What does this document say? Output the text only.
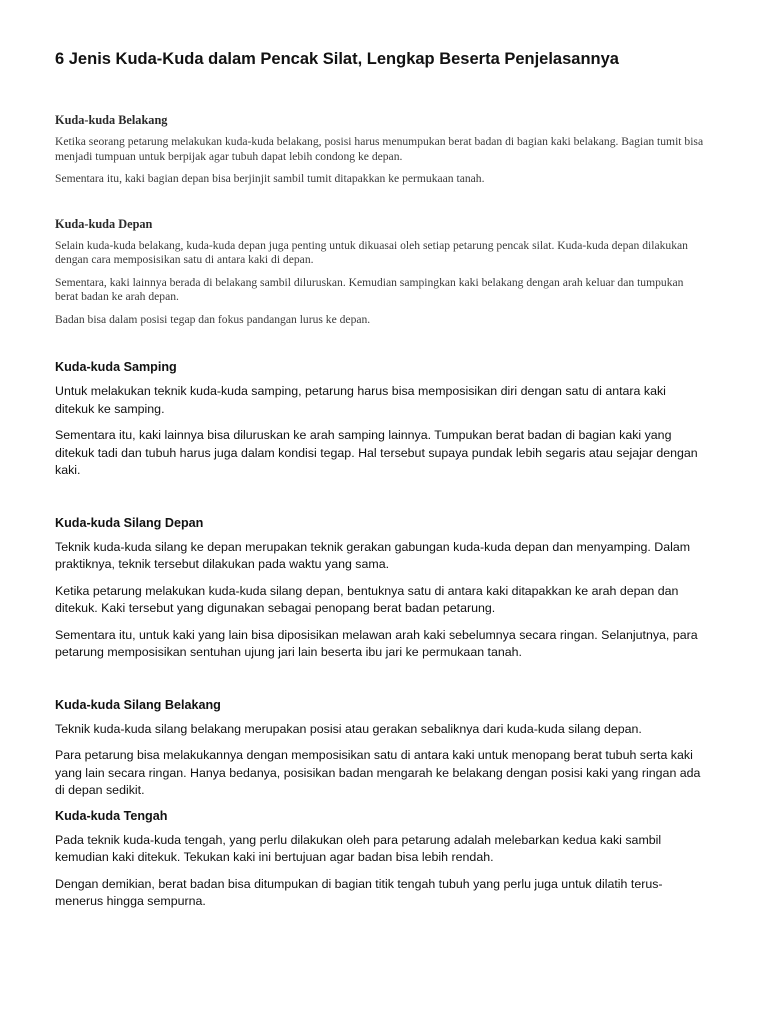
6 Jenis Kuda-Kuda dalam Pencak Silat, Lengkap Beserta Penjelasannya
Kuda-kuda Belakang

Ketika seorang petarung melakukan kuda-kuda belakang, posisi harus menumpukan berat badan di bagian kaki belakang. Bagian tumit bisa menjadi tumpuan untuk berpijak agar tubuh dapat lebih condong ke depan.

Sementara itu, kaki bagian depan bisa berjinjit sambil tumit ditapakkan ke permukaan tanah.

Kuda-kuda Depan

Selain kuda-kuda belakang, kuda-kuda depan juga penting untuk dikuasai oleh setiap petarung pencak silat. Kuda-kuda depan dilakukan dengan cara memposisikan satu di antara kaki di depan.

Sementara, kaki lainnya berada di belakang sambil diluruskan. Kemudian sampingkan kaki belakang dengan arah keluar dan tumpukan berat badan ke arah depan.

Badan bisa dalam posisi tegap dan fokus pandangan lurus ke depan.

Kuda-kuda Samping

Untuk melakukan teknik kuda-kuda samping, petarung harus bisa memposisikan diri dengan satu di antara kaki ditekuk ke samping.

Sementara itu, kaki lainnya bisa diluruskan ke arah samping lainnya. Tumpukan berat badan di bagian kaki yang ditekuk tadi dan tubuh harus juga dalam kondisi tegap. Hal tersebut supaya pundak lebih segaris atau sejajar dengan kaki.

Kuda-kuda Silang Depan

Teknik kuda-kuda silang ke depan merupakan teknik gerakan gabungan kuda-kuda depan dan menyamping. Dalam praktiknya, teknik tersebut dilakukan pada waktu yang sama.

Ketika petarung melakukan kuda-kuda silang depan, bentuknya satu di antara kaki ditapakkan ke arah depan dan ditekuk. Kaki tersebut yang digunakan sebagai penopang berat badan petarung.

Sementara itu, untuk kaki yang lain bisa diposisikan melawan arah kaki sebelumnya secara ringan. Selanjutnya, para petarung memposisikan sentuhan ujung jari lain beserta ibu jari ke permukaan tanah.

Kuda-kuda Silang Belakang

Teknik kuda-kuda silang belakang merupakan posisi atau gerakan sebaliknya dari kuda-kuda silang depan.

Para petarung bisa melakukannya dengan memposisikan satu di antara kaki untuk menopang berat tubuh serta kaki yang lain secara ringan. Hanya bedanya, posisikan badan mengarah ke belakang dengan posisi kaki yang ringan ada di depan sedikit.

Kuda-kuda Tengah

Pada teknik kuda-kuda tengah, yang perlu dilakukan oleh para petarung adalah melebarkan kedua kaki sambil kemudian kaki ditekuk. Tekukan kaki ini bertujuan agar badan bisa lebih rendah.

Dengan demikian, berat badan bisa ditumpukan di bagian titik tengah tubuh yang perlu juga untuk dilatih terus-menerus hingga sempurna.
